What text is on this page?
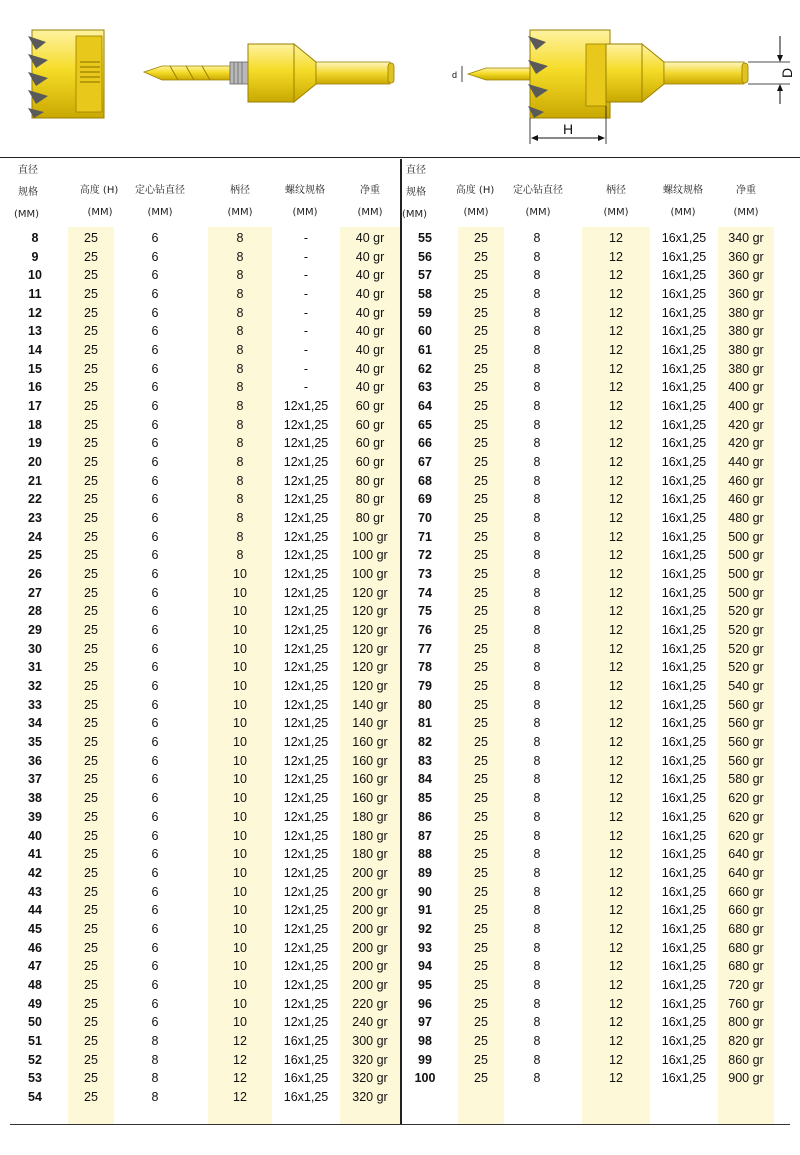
d
H
D
直径
规格
(MM)
高度 (H)
(MM)
定心钻直径
(MM)
柄径
(MM)
螺纹规格
(MM)
净重
(MM)
8	25	6	8	-	40 gr
9	25	6	8	-	40 gr
10	25	6	8	-	40 gr
11	25	6	8	-	40 gr
12	25	6	8	-	40 gr
13	25	6	8	-	40 gr
14	25	6	8	-	40 gr
15	25	6	8	-	40 gr
16	25	6	8	-	40 gr
17	25	6	8	12x1,25	60 gr
18	25	6	8	12x1,25	60 gr
19	25	6	8	12x1,25	60 gr
20	25	6	8	12x1,25	60 gr
21	25	6	8	12x1,25	80 gr
22	25	6	8	12x1,25	80 gr
23	25	6	8	12x1,25	80 gr
24	25	6	8	12x1,25	100 gr
25	25	6	8	12x1,25	100 gr
26	25	6	10	12x1,25	100 gr
27	25	6	10	12x1,25	120 gr
28	25	6	10	12x1,25	120 gr
29	25	6	10	12x1,25	120 gr
30	25	6	10	12x1,25	120 gr
31	25	6	10	12x1,25	120 gr
32	25	6	10	12x1,25	120 gr
33	25	6	10	12x1,25	140 gr
34	25	6	10	12x1,25	140 gr
35	25	6	10	12x1,25	160 gr
36	25	6	10	12x1,25	160 gr
37	25	6	10	12x1,25	160 gr
38	25	6	10	12x1,25	160 gr
39	25	6	10	12x1,25	180 gr
40	25	6	10	12x1,25	180 gr
41	25	6	10	12x1,25	180 gr
42	25	6	10	12x1,25	200 gr
43	25	6	10	12x1,25	200 gr
44	25	6	10	12x1,25	200 gr
45	25	6	10	12x1,25	200 gr
46	25	6	10	12x1,25	200 gr
47	25	6	10	12x1,25	200 gr
48	25	6	10	12x1,25	200 gr
49	25	6	10	12x1,25	220 gr
50	25	6	10	12x1,25	240 gr
51	25	8	12	16x1,25	300 gr
52	25	8	12	16x1,25	320 gr
53	25	8	12	16x1,25	320 gr
54	25	8	12	16x1,25	320 gr
直径
规格
(MM)
高度 (H)
(MM)
定心钻直径
(MM)
柄径
(MM)
螺纹规格
(MM)
净重
(MM)
55	25	8	12	16x1,25	340 gr
56	25	8	12	16x1,25	360 gr
57	25	8	12	16x1,25	360 gr
58	25	8	12	16x1,25	360 gr
59	25	8	12	16x1,25	380 gr
60	25	8	12	16x1,25	380 gr
61	25	8	12	16x1,25	380 gr
62	25	8	12	16x1,25	380 gr
63	25	8	12	16x1,25	400 gr
64	25	8	12	16x1,25	400 gr
65	25	8	12	16x1,25	420 gr
66	25	8	12	16x1,25	420 gr
67	25	8	12	16x1,25	440 gr
68	25	8	12	16x1,25	460 gr
69	25	8	12	16x1,25	460 gr
70	25	8	12	16x1,25	480 gr
71	25	8	12	16x1,25	500 gr
72	25	8	12	16x1,25	500 gr
73	25	8	12	16x1,25	500 gr
74	25	8	12	16x1,25	500 gr
75	25	8	12	16x1,25	520 gr
76	25	8	12	16x1,25	520 gr
77	25	8	12	16x1,25	520 gr
78	25	8	12	16x1,25	520 gr
79	25	8	12	16x1,25	540 gr
80	25	8	12	16x1,25	560 gr
81	25	8	12	16x1,25	560 gr
82	25	8	12	16x1,25	560 gr
83	25	8	12	16x1,25	560 gr
84	25	8	12	16x1,25	580 gr
85	25	8	12	16x1,25	620 gr
86	25	8	12	16x1,25	620 gr
87	25	8	12	16x1,25	620 gr
88	25	8	12	16x1,25	640 gr
89	25	8	12	16x1,25	640 gr
90	25	8	12	16x1,25	660 gr
91	25	8	12	16x1,25	660 gr
92	25	8	12	16x1,25	680 gr
93	25	8	12	16x1,25	680 gr
94	25	8	12	16x1,25	680 gr
95	25	8	12	16x1,25	720 gr
96	25	8	12	16x1,25	760 gr
97	25	8	12	16x1,25	800 gr
98	25	8	12	16x1,25	820 gr
99	25	8	12	16x1,25	860 gr
100	25	8	12	16x1,25	900 gr
